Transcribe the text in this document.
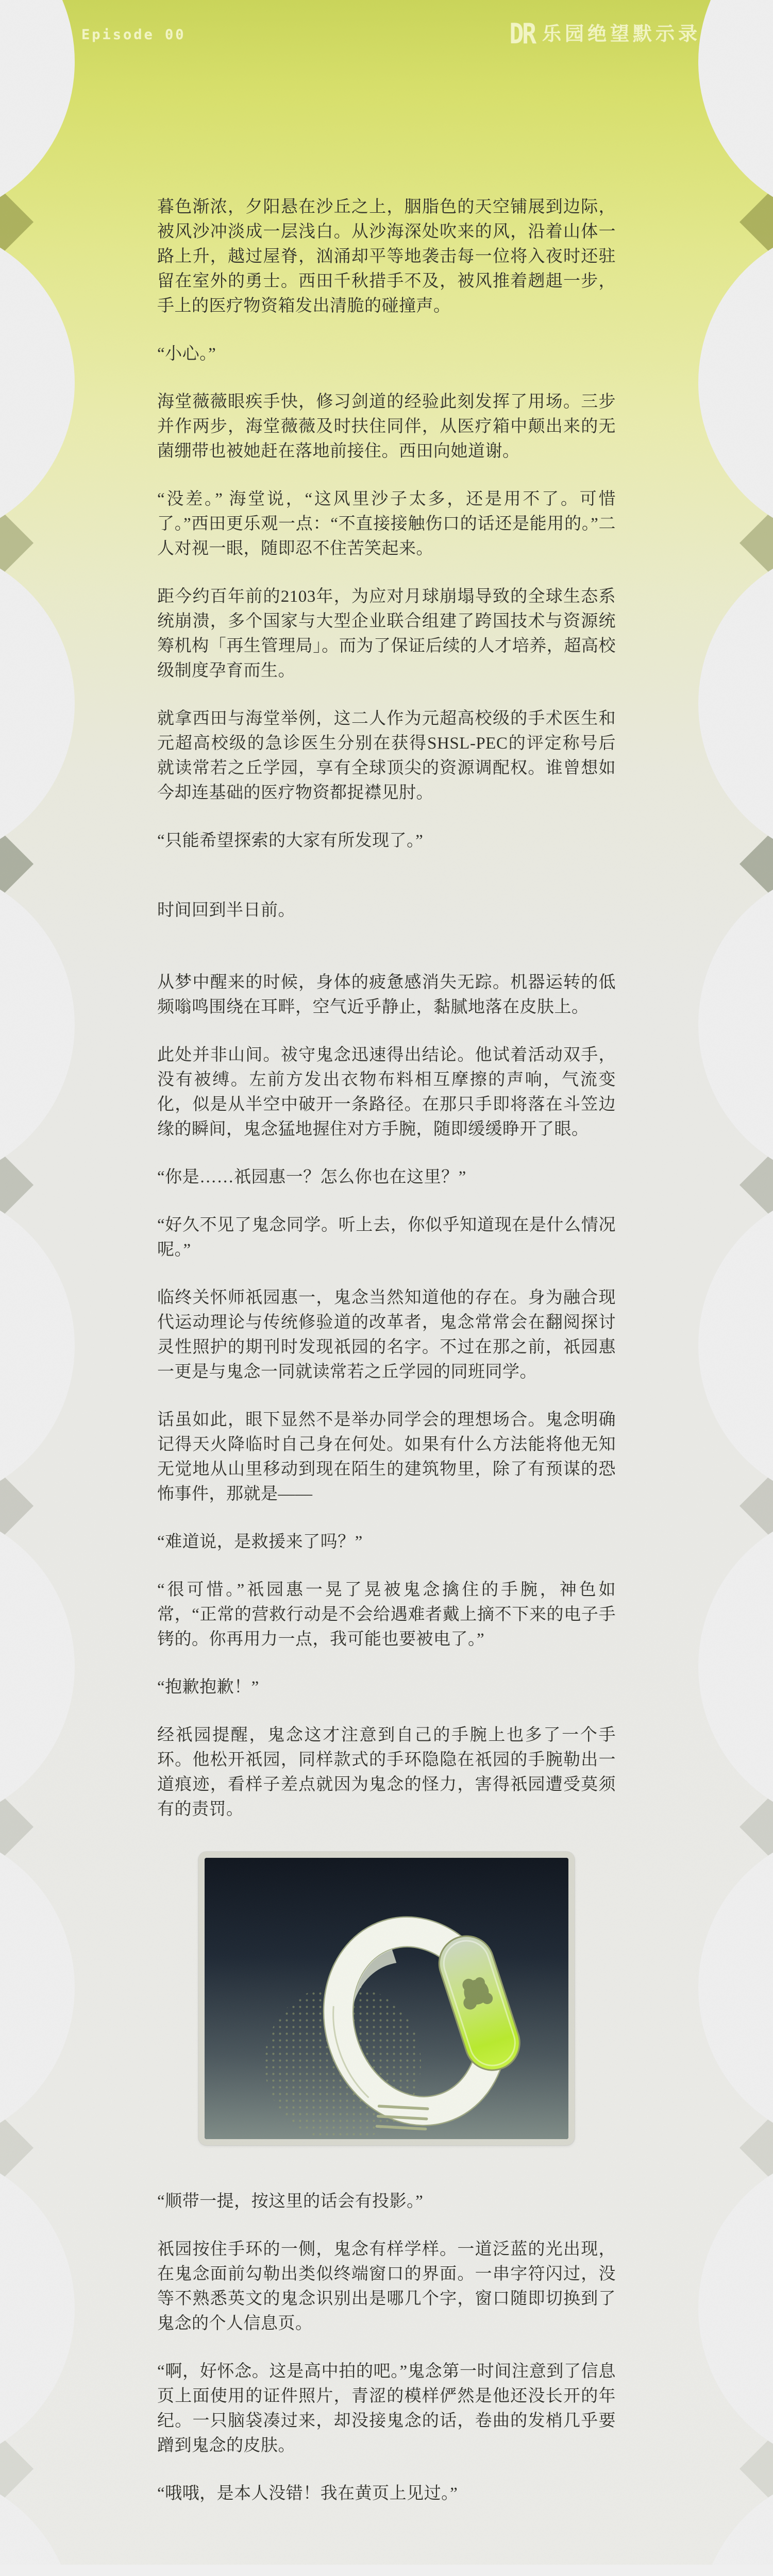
Episode 00	DR 乐园绝望默示录

暮色渐浓，夕阳悬在沙丘之上，胭脂色的天空铺展到边际，被风沙冲淡成一层浅白。从沙海深处吹来的风，沿着山体一路上升，越过屋脊，汹涌却平等地袭击每一位将入夜时还驻留在室外的勇士。西田千秋措手不及，被风推着趔趄一步，手上的医疗物资箱发出清脆的碰撞声。

“小心。”

海堂薇薇眼疾手快，修习剑道的经验此刻发挥了用场。三步并作两步，海堂薇薇及时扶住同伴，从医疗箱中颠出来的无菌绷带也被她赶在落地前接住。西田向她道谢。

“没差。” 海堂说，“这风里沙子太多，还是用不了。可惜了。”西田更乐观一点：“不直接接触伤口的话还是能用的。”二人对视一眼，随即忍不住苦笑起来。

距今约百年前的2103年，为应对月球崩塌导致的全球生态系统崩溃，多个国家与大型企业联合组建了跨国技术与资源统筹机构「再生管理局」。而为了保证后续的人才培养，超高校级制度孕育而生。

就拿西田与海堂举例，这二人作为元超高校级的手术医生和元超高校级的急诊医生分别在获得SHSL-PEC的评定称号后就读常若之丘学园，享有全球顶尖的资源调配权。谁曾想如今却连基础的医疗物资都捉襟见肘。

“只能希望探索的大家有所发现了。”

时间回到半日前。

从梦中醒来的时候，身体的疲惫感消失无踪。机器运转的低频嗡鸣围绕在耳畔，空气近乎静止，黏腻地落在皮肤上。

此处并非山间。祓守鬼念迅速得出结论。他试着活动双手，没有被缚。左前方发出衣物布料相互摩擦的声响，气流变化，似是从半空中破开一条路径。在那只手即将落在斗笠边缘的瞬间，鬼念猛地握住对方手腕，随即缓缓睁开了眼。

“你是……祇园惠一？怎么你也在这里？”

“好久不见了鬼念同学。听上去，你似乎知道现在是什么情况呢。”

临终关怀师祇园惠一，鬼念当然知道他的存在。身为融合现代运动理论与传统修验道的改革者，鬼念常常会在翻阅探讨灵性照护的期刊时发现祇园的名字。不过在那之前，祇园惠一更是与鬼念一同就读常若之丘学园的同班同学。

话虽如此，眼下显然不是举办同学会的理想场合。鬼念明确记得天火降临时自己身在何处。如果有什么方法能将他无知无觉地从山里移动到现在陌生的建筑物里，除了有预谋的恐怖事件，那就是——

“难道说，是救援来了吗？”

“很可惜。”祇园惠一晃了晃被鬼念擒住的手腕，神色如常，“正常的营救行动是不会给遇难者戴上摘不下来的电子手铐的。你再用力一点，我可能也要被电了。”

“抱歉抱歉！”

经祇园提醒，鬼念这才注意到自己的手腕上也多了一个手环。他松开祇园，同样款式的手环隐隐在祇园的手腕勒出一道痕迹，看样子差点就因为鬼念的怪力，害得祇园遭受莫须有的责罚。

“顺带一提，按这里的话会有投影。”

祇园按住手环的一侧，鬼念有样学样。一道泛蓝的光出现，在鬼念面前勾勒出类似终端窗口的界面。一串字符闪过，没等不熟悉英文的鬼念识别出是哪几个字，窗口随即切换到了鬼念的个人信息页。

“啊，好怀念。这是高中拍的吧。”鬼念第一时间注意到了信息页上面使用的证件照片，青涩的模样俨然是他还没长开的年纪。一只脑袋凑过来，却没接鬼念的话，卷曲的发梢几乎要蹭到鬼念的皮肤。

“哦哦，是本人没错！我在黄页上见过。”
